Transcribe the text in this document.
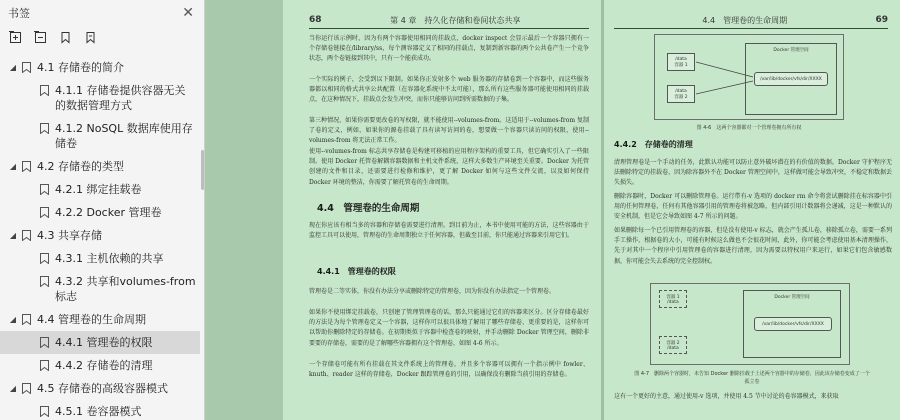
书签	✕
◢	4.1 存储卷的简介
4.1.1 存储卷提供容器无关的数据管理方式
4.1.2 NoSQL 数据库使用存储卷
◢	4.2 存储卷的类型
4.2.1 绑定挂载卷
4.2.2 Docker 管理卷
◢	4.3 共享存储
4.3.1 主机依赖的共享
4.3.2 共享和volumes-from 标志
◢	4.4 管理卷的生命周期
4.4.1 管理卷的权限
4.4.2 存储卷的清理
◢	4.5 存储卷的高级容器模式
4.5.1 卷容器模式
68	第 4 章　持久化存储和卷间状态共享
当你运行该示例时，因为有两个容器使用相同的挂载点，docker inspect 会显示最后一个容器只拥有一个存储卷链接在/library/ss，每个测容器定义了相同的挂载点，复制到新容器的两个公共卷产生一个竞争状态，两个卷链接到其中，只有一个能获成功。
一个实际的例子，会受到以下限制。如果你正发射多个 web 服务器的存储卷到一个容器中，而这些服务器都以相同的格式共享公共配置（在容器化系统中不太可能），那么所有这些服务器可能使用相同的挂载点，在这种情况下，挂载点会发生冲突，而你只能够访问到所需数据的子集。
第三种情况，如果你需要更改卷的写权限，就不能使用--volumes-from。这适用于--volumes-from 复制了卷的定义，例如，如果你的源卷挂载了具有读写访问的卷，想要做一个容器只读访问的权限，使用--volumes-from 将无法正常工作。
使用--volumes-from 标志共享存储卷是构建可移植的应用程序架构的重要工具，但它确实引入了一些限制。使用 Docker 托管卷解耦容器数据和主机文件系统，这样大多数生产环境至关重要。Docker 为托管创建的文件和目录，还需要进行检修和维护，更了解 Docker 如何与这些文件交流，以及如何保持 Docker 环境的整洁，你需要了解托管卷的生命周期。
4.4　管理卷的生命周期
现在你应该有相当多的容器和存储卷需要进行清理。到目前为止，本书中使用可能的方法，这些容器由于监控工具可以使用，管理卷的生命周期独立于任何容器，但截至目前，你只能通过容器来引用它们。
4.4.1　管理卷的权限
管理卷是二等实体，你没有办法分享或删除特定的管理卷，因为你没有办法指定一个管理卷。
如果你不使用绑定挂载卷，只创建了管理管理卷的话，那么只能通过它们的容器来区分。区分存储卷最好的方法是为每个管理卷定义一个容器，这样你可以很具体地了解用了哪些存储卷，更重要的是，这样你可以帮助你删除特定的存储卷。在初期类似于容器中检查卷的映射，并手动删除 Docker 管理空间，删除非要要的存储卷，需要的是了解哪些容器拥有这个管理卷，如图 4-6 所示。
一个存储卷可能有所有挂载在其文件系统上的管理卷，并且多个容器可以拥有一个指示例中 fowler、knuth、reader 这样的存储卷，Docker 跟踪管理卷的引用，以确保没有删除当前引用的存储卷。
4.4　管理卷的生命周期	69
/data
容器 1
/data
容器 2
Docker 管理空间
/var/lib/docker/vfs/dir/XXXX
图 4-6　这两个容器都对一个管理卷拥有所有权
4.4.2　存储卷的清理
清理管理卷是一个手动的任务，此默认功能可以防止意外破坏潜在的有价值的数据。Docker 守护程序无法删除特定的挂载卷，因为除容器外不在 Docker 管理空间中，这样做可能会导致冲突，不稳定和数据丢失损失。
删除容器时，Docker 可以删除管理卷。运行带有-v 选项的 docker rm 命令将尝试删除挂在标容器中引用的任何管理卷，任何有其他容器引用的管理卷将被忽略，但内部引用计数器将会递减，这是一种默认的安全机制，但是它会导致如图 4-7 所示的问题。
如果删除每一个已引用管理卷的容器，但是没有使用-v 标志，就会产生孤儿卷，移除孤立卷，需要一系列手工操作，根据卷的大小，可能有时候这么做也不会很花时间，此外，你可能会考虑使用基本清理操作，先于对其中一个程序中引用管理卷的容器进行清理，因为需要以特权用户来运行，如果它们包含敏感数据，你可能会失去系统的完全控制权。
容器 1
/data
容器 2
/data
Docker 管理空间
/var/lib/docker/vfs/dir/XXXX
图 4-7　删除两个容器时，未告知 Docker 删除挂载于上述两个容器中的存储卷，因此该存储卷变成了一个孤立卷
这有一个更好的主意，通过使用-v 选项，并使用 4.5 节中讨论的卷容器模式，来获取
